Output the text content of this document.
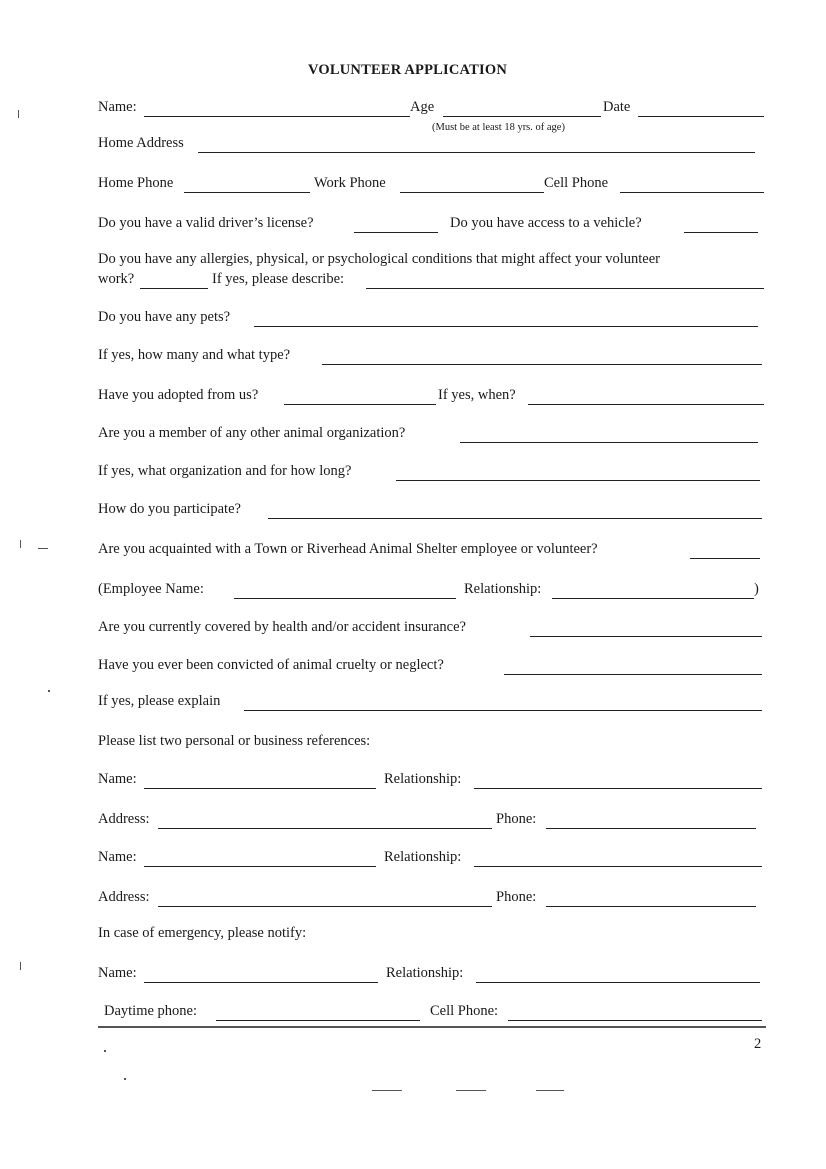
VOLUNTEER APPLICATION
Name:	Age	Date
(Must be at least 18 yrs. of age)
Home Address
Home Phone	Work Phone	Cell Phone
Do you have a valid driver’s license?	Do you have access to a vehicle?
Do you have any allergies, physical, or psychological conditions that might affect your volunteer
work?	If yes, please describe:
Do you have any pets?
If yes, how many and what type?
Have you adopted from us?	If yes, when?
Are you a member of any other animal organization?
If yes, what organization and for how long?
How do you participate?
Are you acquainted with a Town or Riverhead Animal Shelter employee or volunteer?
(Employee Name:	Relationship:	)
Are you currently covered by health and/or accident insurance?
Have you ever been convicted of animal cruelty or neglect?
If yes, please explain
Please list two personal or business references:
Name:	Relationship:
Address:	Phone:
Name:	Relationship:
Address:	Phone:
In case of emergency, please notify:
Name:	Relationship:
Daytime phone:	Cell Phone:
2
